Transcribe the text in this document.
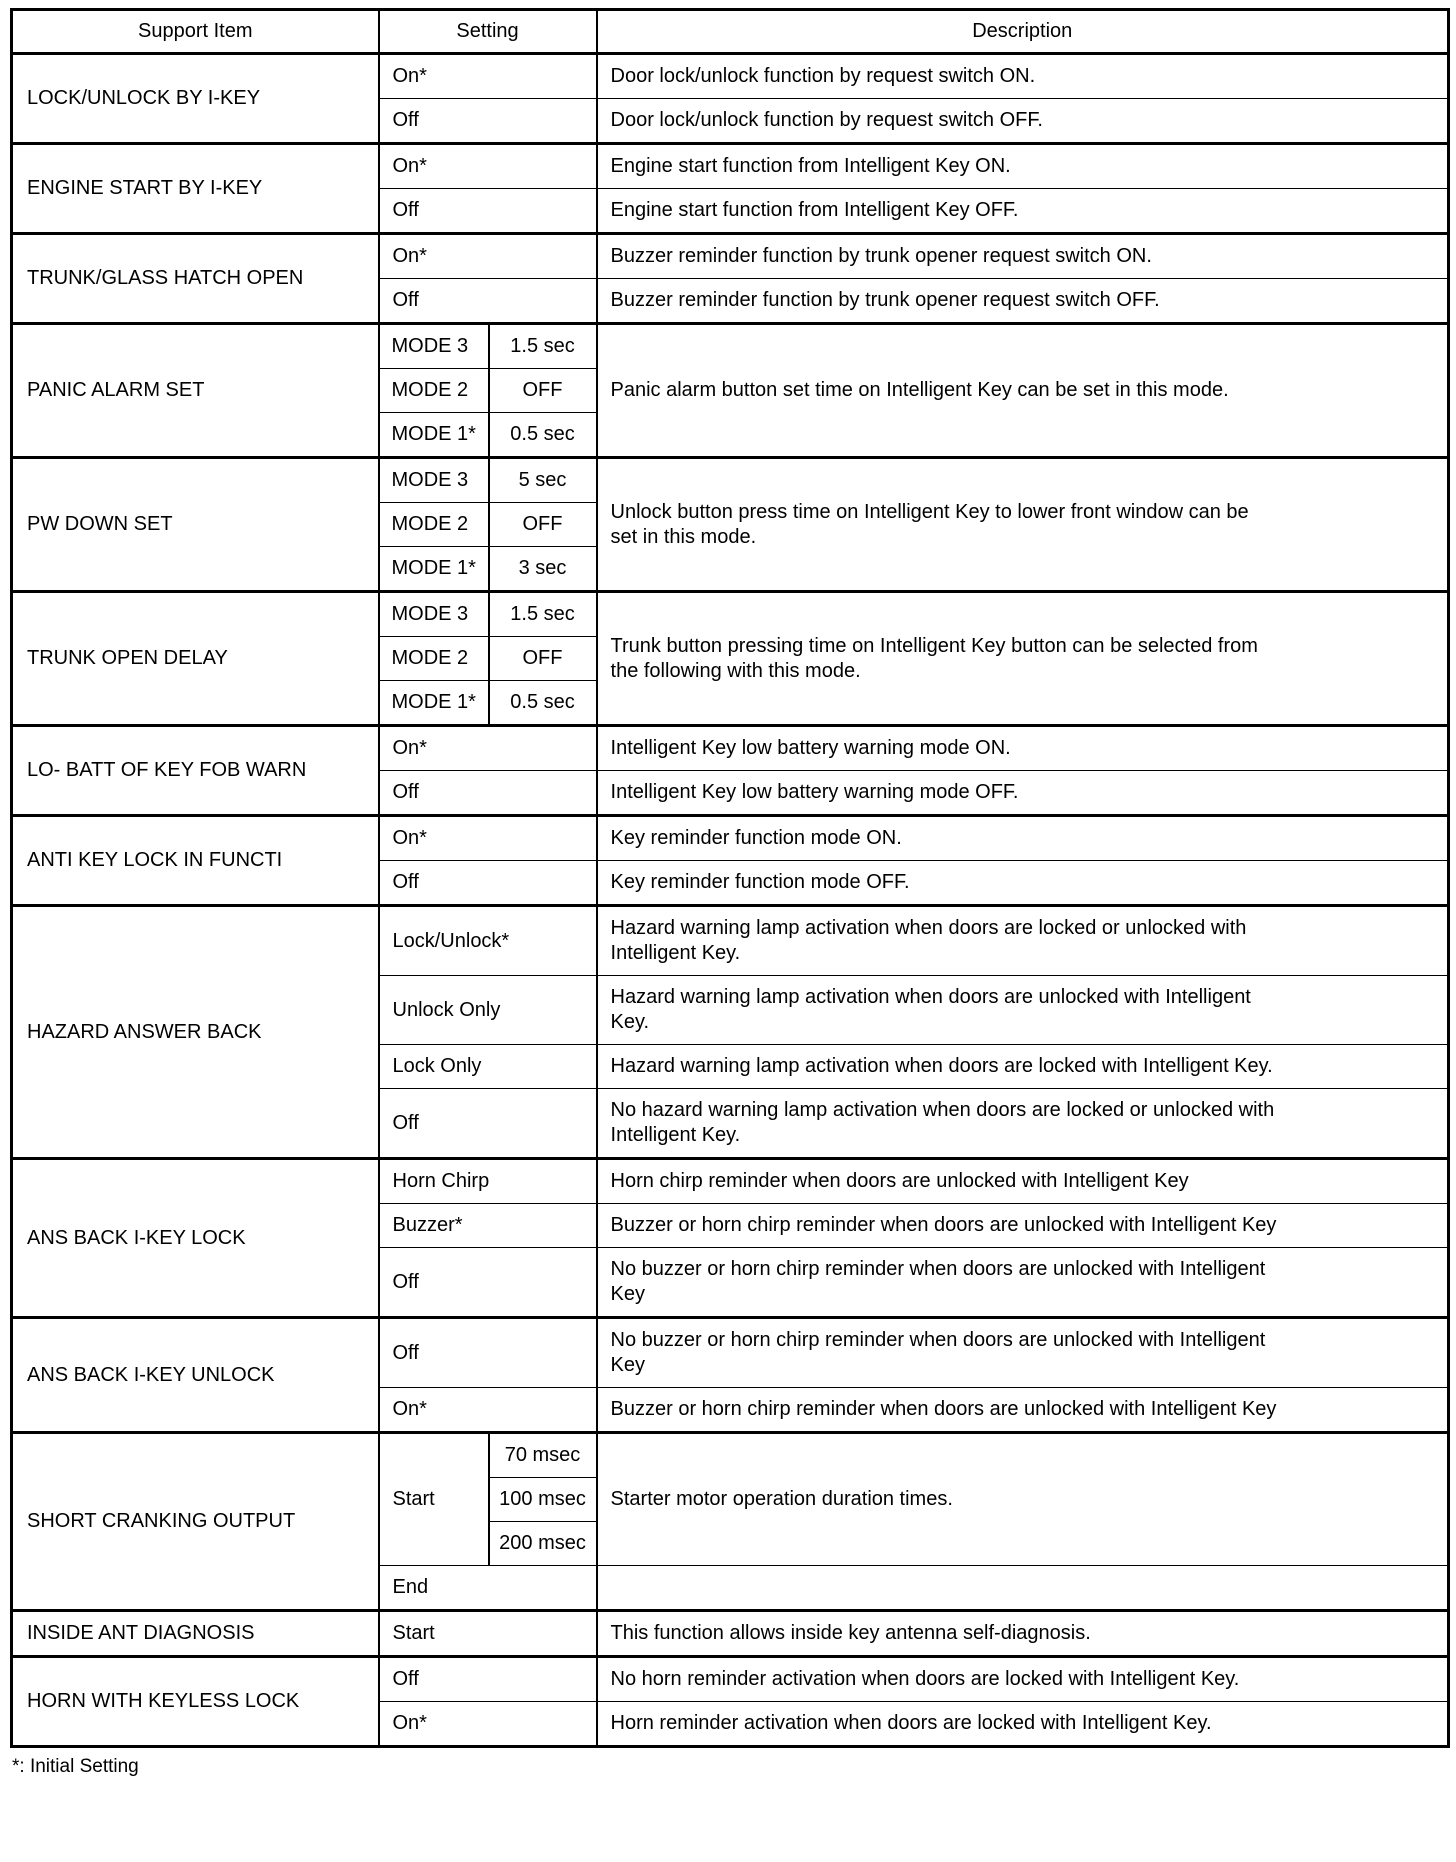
Support Item	Setting		Description
LOCK/UNLOCK BY I-KEY	On*		Door lock/unlock function by request switch ON.
	Off		Door lock/unlock function by request switch OFF.
ENGINE START BY I-KEY	On*		Engine start function from Intelligent Key ON.
	Off		Engine start function from Intelligent Key OFF.
TRUNK/GLASS HATCH OPEN	On*		Buzzer reminder function by trunk opener request switch ON.
	Off		Buzzer reminder function by trunk opener request switch OFF.
PANIC ALARM SET	MODE 3	1.5 sec	Panic alarm button set time on Intelligent Key can be set in this mode.
	MODE 2	OFF	
	MODE 1*	0.5 sec	
PW DOWN SET	MODE 3	5 sec	Unlock button press time on Intelligent Key to lower front window can be set in this mode.
	MODE 2	OFF	
	MODE 1*	3 sec	
TRUNK OPEN DELAY	MODE 3	1.5 sec	Trunk button pressing time on Intelligent Key button can be selected from the following with this mode.
	MODE 2	OFF	
	MODE 1*	0.5 sec	
LO- BATT OF KEY FOB WARN	On*		Intelligent Key low battery warning mode ON.
	Off		Intelligent Key low battery warning mode OFF.
ANTI KEY LOCK IN FUNCTI	On*		Key reminder function mode ON.
	Off		Key reminder function mode OFF.
HAZARD ANSWER BACK	Lock/Unlock*		Hazard warning lamp activation when doors are locked or unlocked with Intelligent Key.
	Unlock Only		Hazard warning lamp activation when doors are unlocked with Intelligent Key.
	Lock Only		Hazard warning lamp activation when doors are locked with Intelligent Key.
	Off		No hazard warning lamp activation when doors are locked or unlocked with Intelligent Key.
ANS BACK I-KEY LOCK	Horn Chirp		Horn chirp reminder when doors are unlocked with Intelligent Key
	Buzzer*		Buzzer or horn chirp reminder when doors are unlocked with Intelligent Key
	Off		No buzzer or horn chirp reminder when doors are unlocked with Intelligent Key
ANS BACK I-KEY UNLOCK	Off		No buzzer or horn chirp reminder when doors are unlocked with Intelligent Key
	On*		Buzzer or horn chirp reminder when doors are unlocked with Intelligent Key
SHORT CRANKING OUTPUT	Start	70 msec	Starter motor operation duration times.
		100 msec	
		200 msec	
	End		
INSIDE ANT DIAGNOSIS	Start		This function allows inside key antenna self-diagnosis.
HORN WITH KEYLESS LOCK	Off		No horn reminder activation when doors are locked with Intelligent Key.
	On*		Horn reminder activation when doors are locked with Intelligent Key.
*: Initial Setting
